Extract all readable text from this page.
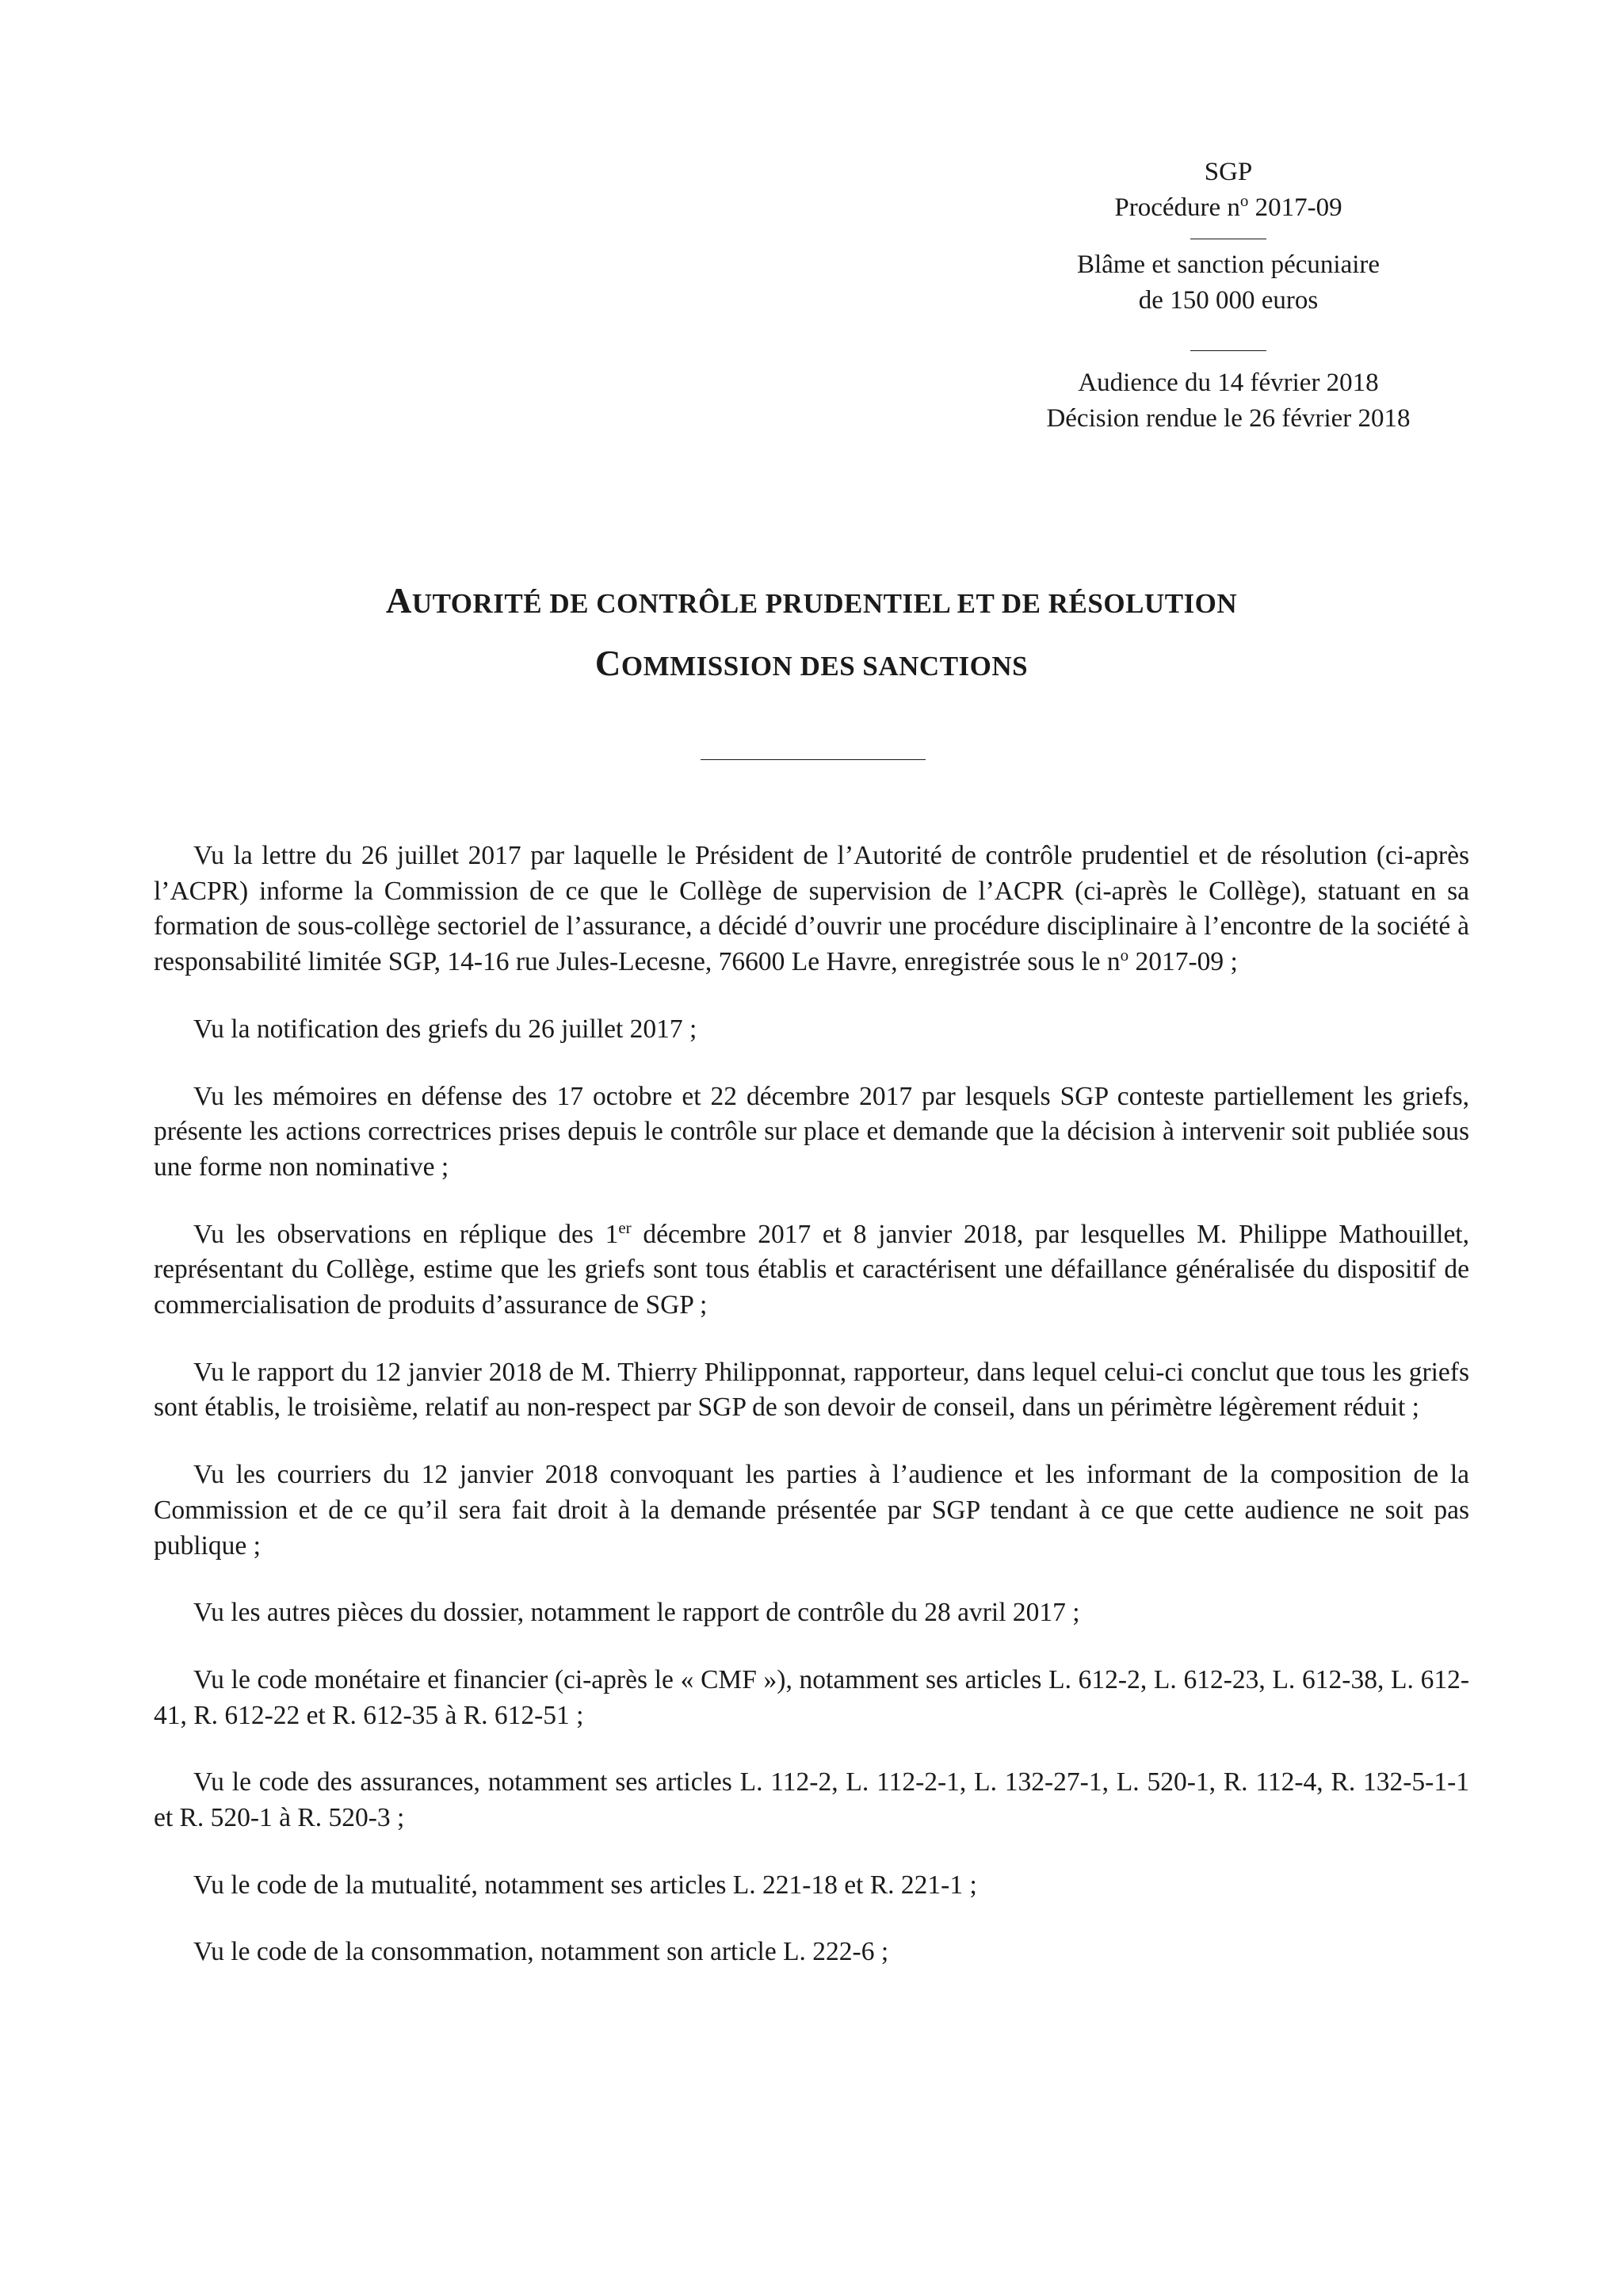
SGP
Procédure $n^o$ 2017-09
Blâme et sanction pécuniaire
de 150 000 euros
Audience du 14 février 2018
Décision rendue le 26 février 2018
AUTORITÉ DE CONTRÔLE PRUDENTIEL ET DE RÉSOLUTION
COMMISSION DES SANCTIONS

Vu la lettre du 26 juillet 2017 par laquelle le Président de l’Autorité de contrôle prudentiel et de résolution (ci-après l’ACPR) informe la Commission de ce que le Collège de supervision de l’ACPR (ci-après le Collège), statuant en sa formation de sous-collège sectoriel de l’assurance, a décidé d’ouvrir une procédure disciplinaire à l’encontre de la société à responsabilité limitée SGP, 14-16 rue Jules-Lecesne, 76600 Le Havre, enregistrée sous le $n^o$ 2017-09 ;

Vu la notification des griefs du 26 juillet 2017 ;

Vu les mémoires en défense des 17 octobre et 22 décembre 2017 par lesquels SGP conteste partiellement les griefs, présente les actions correctrices prises depuis le contrôle sur place et demande que la décision à intervenir soit publiée sous une forme non nominative ;

Vu les observations en réplique des 1er décembre 2017 et 8 janvier 2018, par lesquelles M. Philippe Mathouillet, représentant du Collège, estime que les griefs sont tous établis et caractérisent une défaillance généralisée du dispositif de commercialisation de produits d’assurance de SGP ;

Vu le rapport du 12 janvier 2018 de M. Thierry Philipponnat, rapporteur, dans lequel celui-ci conclut que tous les griefs sont établis, le troisième, relatif au non-respect par SGP de son devoir de conseil, dans un périmètre légèrement réduit ;

Vu les courriers du 12 janvier 2018 convoquant les parties à l’audience et les informant de la composition de la Commission et de ce qu’il sera fait droit à la demande présentée par SGP tendant à ce que cette audience ne soit pas publique ;

Vu les autres pièces du dossier, notamment le rapport de contrôle du 28 avril 2017 ;

Vu le code monétaire et financier (ci-après le « CMF »), notamment ses articles L. 612-2, L. 612-23, L. 612-38, L. 612-41, R. 612-22 et R. 612-35 à R. 612-51 ;

Vu le code des assurances, notamment ses articles L. 112-2, L. 112-2-1, L. 132-27-1, L. 520-1, R. 112-4, R. 132-5-1-1 et R. 520-1 à R. 520-3 ;

Vu le code de la mutualité, notamment ses articles L. 221-18 et R. 221-1 ;

Vu le code de la consommation, notamment son article L. 222-6 ;
